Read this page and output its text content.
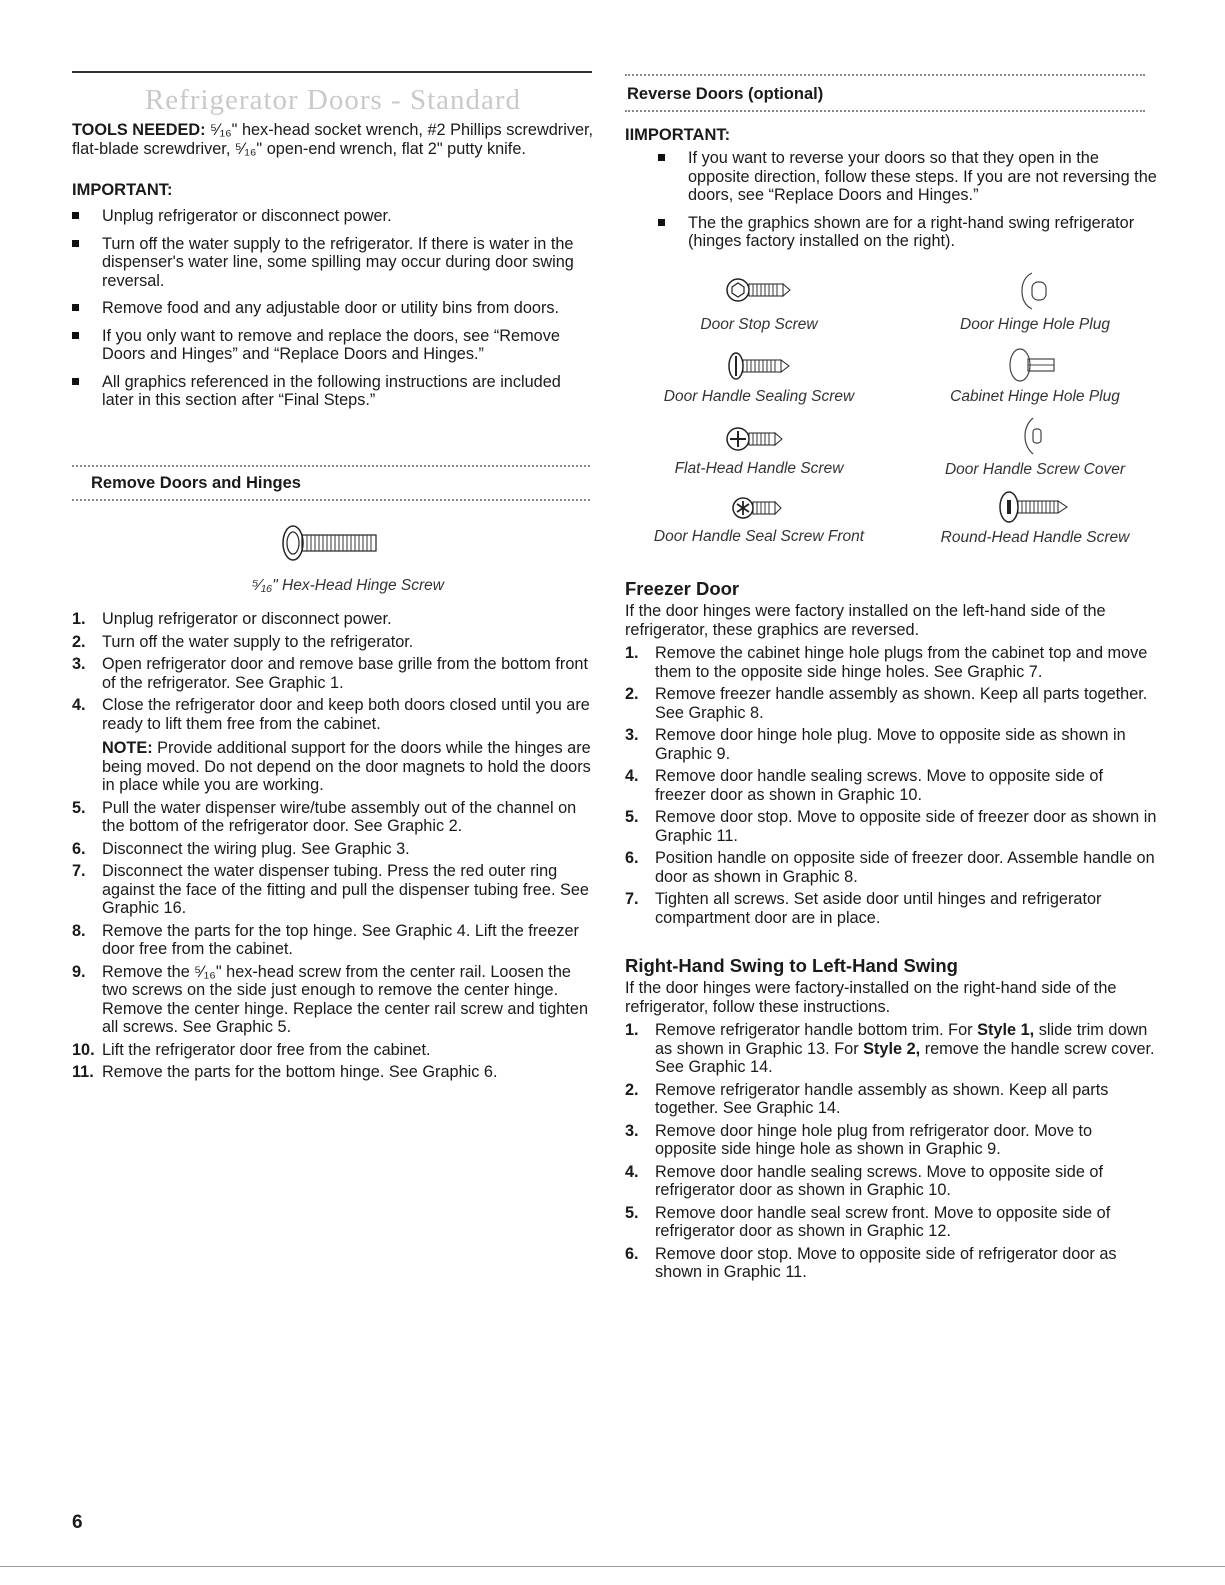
Refrigerator Doors - Standard

TOOLS NEEDED: ⁵⁄₁₆" hex-head socket wrench, #2 Phillips screwdriver, flat-blade screwdriver, ⁵⁄₁₆" open-end wrench, flat 2" putty knife.

IMPORTANT:
Unplug refrigerator or disconnect power.
Turn off the water supply to the refrigerator. If there is water in the dispenser's water line, some spilling may occur during door swing reversal.
Remove food and any adjustable door or utility bins from doors.
If you only want to remove and replace the doors, see “Remove Doors and Hinges” and “Replace Doors and Hinges.”
All graphics referenced in the following instructions are included later in this section after “Final Steps.”
Remove Doors and Hinges
⁵⁄₁₆" Hex-Head Hinge Screw
1. Unplug refrigerator or disconnect power.
2. Turn off the water supply to the refrigerator.
3. Open refrigerator door and remove base grille from the bottom front of the refrigerator. See Graphic 1.
4. Close the refrigerator door and keep both doors closed until you are ready to lift them free from the cabinet.
NOTE: Provide additional support for the doors while the hinges are being moved. Do not depend on the door magnets to hold the doors in place while you are working.
5. Pull the water dispenser wire/tube assembly out of the channel on the bottom of the refrigerator door. See Graphic 2.
6. Disconnect the wiring plug. See Graphic 3.
7. Disconnect the water dispenser tubing. Press the red outer ring against the face of the fitting and pull the dispenser tubing free. See Graphic 16.
8. Remove the parts for the top hinge. See Graphic 4. Lift the freezer door free from the cabinet.
9. Remove the ⁵⁄₁₆" hex-head screw from the center rail. Loosen the two screws on the side just enough to remove the center hinge. Remove the center hinge. Replace the center rail screw and tighten all screws. See Graphic 5.
10. Lift the refrigerator door free from the cabinet.
11. Remove the parts for the bottom hinge. See Graphic 6.
Reverse Doors (optional)
IIMPORTANT:
If you want to reverse your doors so that they open in the opposite direction, follow these steps. If you are not reversing the doors, see “Replace Doors and Hinges.”
The the graphics shown are for a right-hand swing refrigerator (hinges factory installed on the right).
Door Stop Screw	Door Hinge Hole Plug
Door Handle Sealing Screw	Cabinet Hinge Hole Plug
Flat-Head Handle Screw	Door Handle Screw Cover
Door Handle Seal Screw Front	Round-Head Handle Screw
Freezer Door

If the door hinges were factory installed on the left-hand side of the refrigerator, these graphics are reversed.

1. Remove the cabinet hinge hole plugs from the cabinet top and move them to the opposite side hinge holes. See Graphic 7.
2. Remove freezer handle assembly as shown. Keep all parts together. See Graphic 8.
3. Remove door hinge hole plug. Move to opposite side as shown in Graphic 9.
4. Remove door handle sealing screws. Move to opposite side of freezer door as shown in Graphic 10.
5. Remove door stop. Move to opposite side of freezer door as shown in Graphic 11.
6. Position handle on opposite side of freezer door. Assemble handle on door as shown in Graphic 8.
7. Tighten all screws. Set aside door until hinges and refrigerator compartment door are in place.
Right-Hand Swing to Left-Hand Swing

If the door hinges were factory-installed on the right-hand side of the refrigerator, follow these instructions.

1. Remove refrigerator handle bottom trim. For Style 1, slide trim down as shown in Graphic 13. For Style 2, remove the handle screw cover. See Graphic 14.
2. Remove refrigerator handle assembly as shown. Keep all parts together. See Graphic 14.
3. Remove door hinge hole plug from refrigerator door. Move to opposite side hinge hole as shown in Graphic 9.
4. Remove door handle sealing screws. Move to opposite side of refrigerator door as shown in Graphic 10.
5. Remove door handle seal screw front. Move to opposite side of refrigerator door as shown in Graphic 12.
6. Remove door stop. Move to opposite side of refrigerator door as shown in Graphic 11.
6
